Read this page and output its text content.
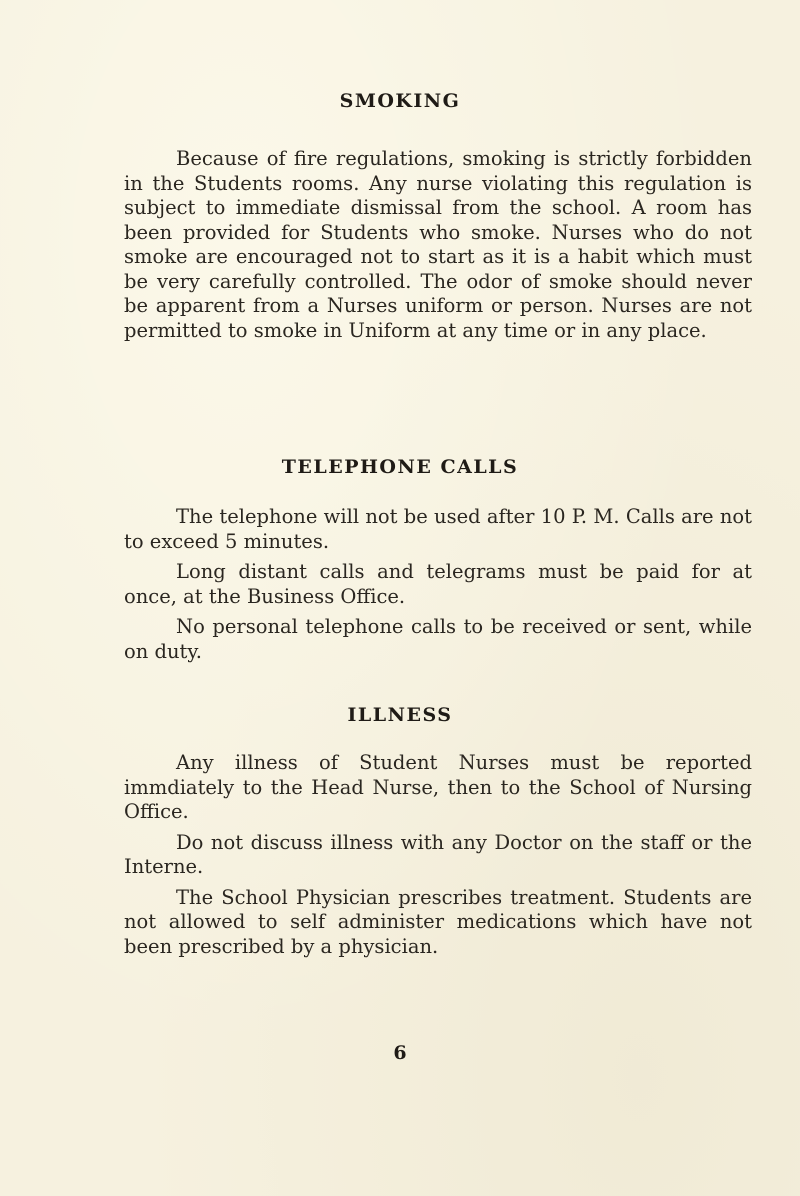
SMOKING

Because of fire regulations, smoking is strictly forbidden in the Students rooms. Any nurse violating this regulation is subject to immediate dismissal from the school. A room has been provided for Students who smoke. Nurses who do not smoke are encouraged not to start as it is a habit which must be very carefully controlled. The odor of smoke should never be apparent from a Nurses uniform or person. Nurses are not permitted to smoke in Uniform at any time or in any place.

TELEPHONE CALLS

The telephone will not be used after 10 P. M. Calls are not to exceed 5 minutes.

Long distant calls and telegrams must be paid for at once, at the Business Office.

No personal telephone calls to be received or sent, while on duty.

ILLNESS

Any illness of Student Nurses must be reported immdiately to the Head Nurse, then to the School of Nursing Office.

Do not discuss illness with any Doctor on the staff or the Interne.

The School Physician prescribes treatment. Students are not allowed to self administer medications which have not been prescribed by a physician.

6
